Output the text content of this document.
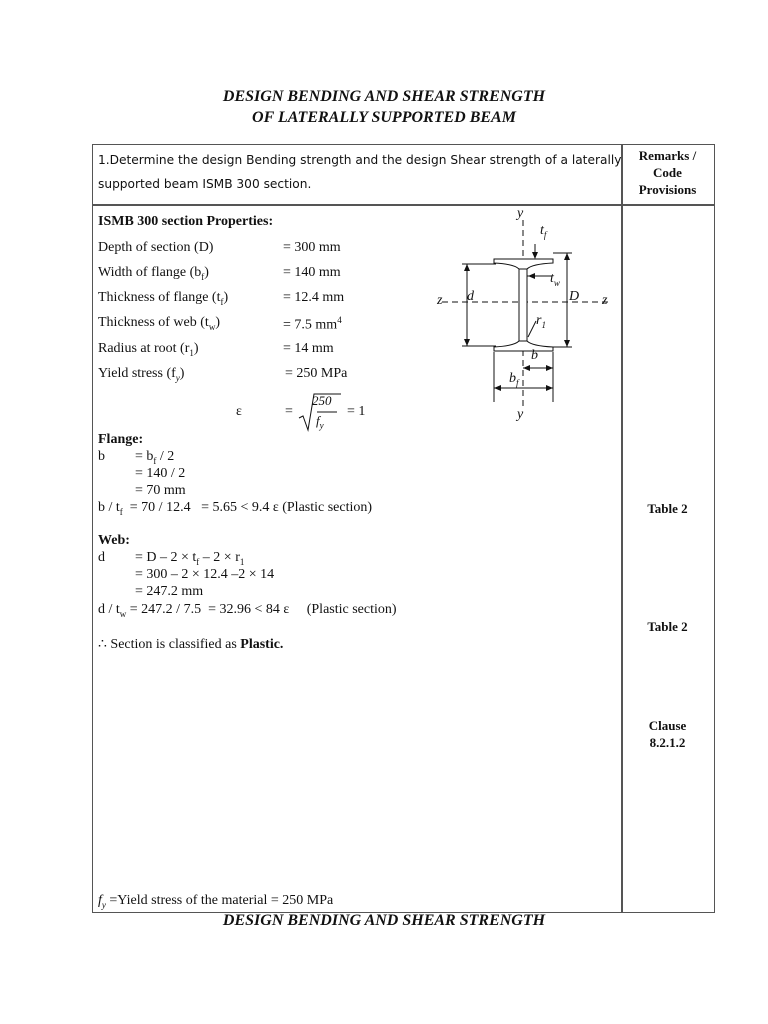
DESIGN BENDING AND SHEAR STRENGTH
OF LATERALLY SUPPORTED BEAM
1.Determine the design Bending strength and the design Shear strength of a laterally
supported beam ISMB 300 section.
Remarks /
Code
Provisions
ISMB 300 section Properties:
Depth of section (D)	= 300 mm
Width of flange $(b_f)$	= 140 mm
Thickness of flange $(t_f)$	= 12.4 mm
Thickness of web $(t_w)$	= 7.5 $mm^4$
Radius at root $(r_1)$	= 14 mm
Yield stress $(f_y)$	= 250 MPa
ε	=
250
$f_y$
= 1
y
y
z	z
$t_f$
$t_w$
d	D
$r_1$
b
$b_f$
Flange:
$b = b_f / 2$
= 140 / 2
= 70 mm
$b / t_f = 70 / 12.4 = 5.65 < 9.4$ ε (Plastic section)
Web:
$d = D - 2 \times t_f - 2 \times r_1$
= 300 – 2 × 12.4 –2 × 14
= 247.2 mm
$d / t_w = 247.2 / 7.5 = 32.96 < 84$ ε     (Plastic section)
∴ Section is classified as Plastic.
$f_y$ =Yield stress of the material = 250 MPa
Table 2
Table 2
Clause
8.2.1.2
DESIGN BENDING AND SHEAR STRENGTH
